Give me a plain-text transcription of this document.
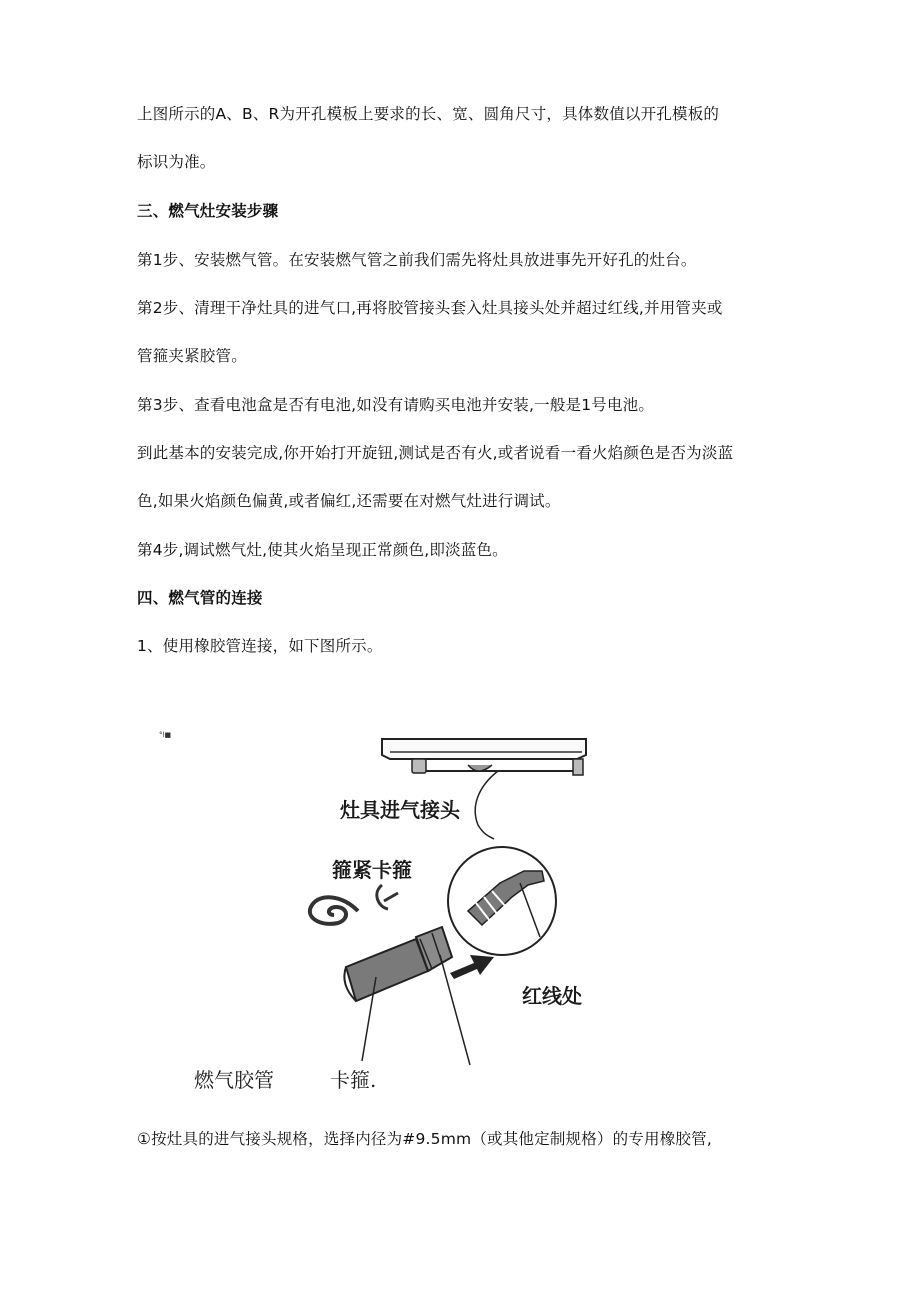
上图所示的A、B、R为开孔模板上要求的长、宽、圆角尺寸，具体数值以开孔模板的
标识为准。
三、燃气灶安装步骤
第1步、安装燃气管。在安装燃气管之前我们需先将灶具放进事先开好孔的灶台。
第2步、清理干净灶具的进气口,再将胶管接头套入灶具接头处并超过红线,并用管夹或
管箍夹紧胶管。
第3步、查看电池盒是否有电池,如没有请购买电池并安装,一般是1号电池。
到此基本的安装完成,你开始打开旋钮,测试是否有火,或者说看一看火焰颜色是否为淡蓝
色,如果火焰颜色偏黄,或者偏红,还需要在对燃气灶进行调试。
第4步,调试燃气灶,使其火焰呈现正常颜色,即淡蓝色。
四、燃气管的连接
1、使用橡胶管连接，如下图所示。
°l■
灶具进气接头
箍紧卡箍
红线处
燃气胶管	卡箍.
①按灶具的进气接头规格，选择内径为#9.5mm（或其他定制规格）的专用橡胶管,
